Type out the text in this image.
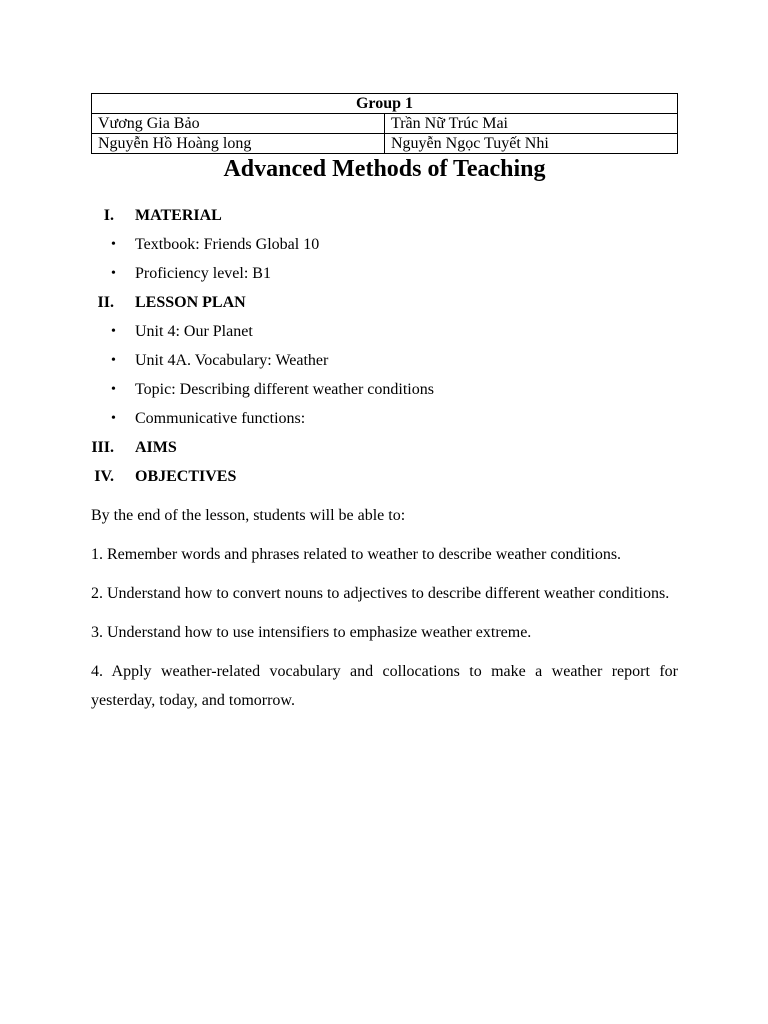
Group 1	
Vương Gia Bảo	Trần Nữ Trúc Mai
Nguyễn Hồ Hoàng long	Nguyễn Ngọc Tuyết Nhi
Advanced Methods of Teaching
I. MATERIAL
• Textbook: Friends Global 10
• Proficiency level: B1
II. LESSON PLAN
• Unit 4: Our Planet
• Unit 4A. Vocabulary: Weather
• Topic: Describing different weather conditions
• Communicative functions:
III. AIMS
IV. OBJECTIVES

By the end of the lesson, students will be able to:

1. Remember words and phrases related to weather to describe weather conditions.

2. Understand how to convert nouns to adjectives to describe different weather conditions.

3. Understand how to use intensifiers to emphasize weather extreme.

4. Apply weather-related vocabulary and collocations to make a weather report for yesterday, today, and tomorrow.
